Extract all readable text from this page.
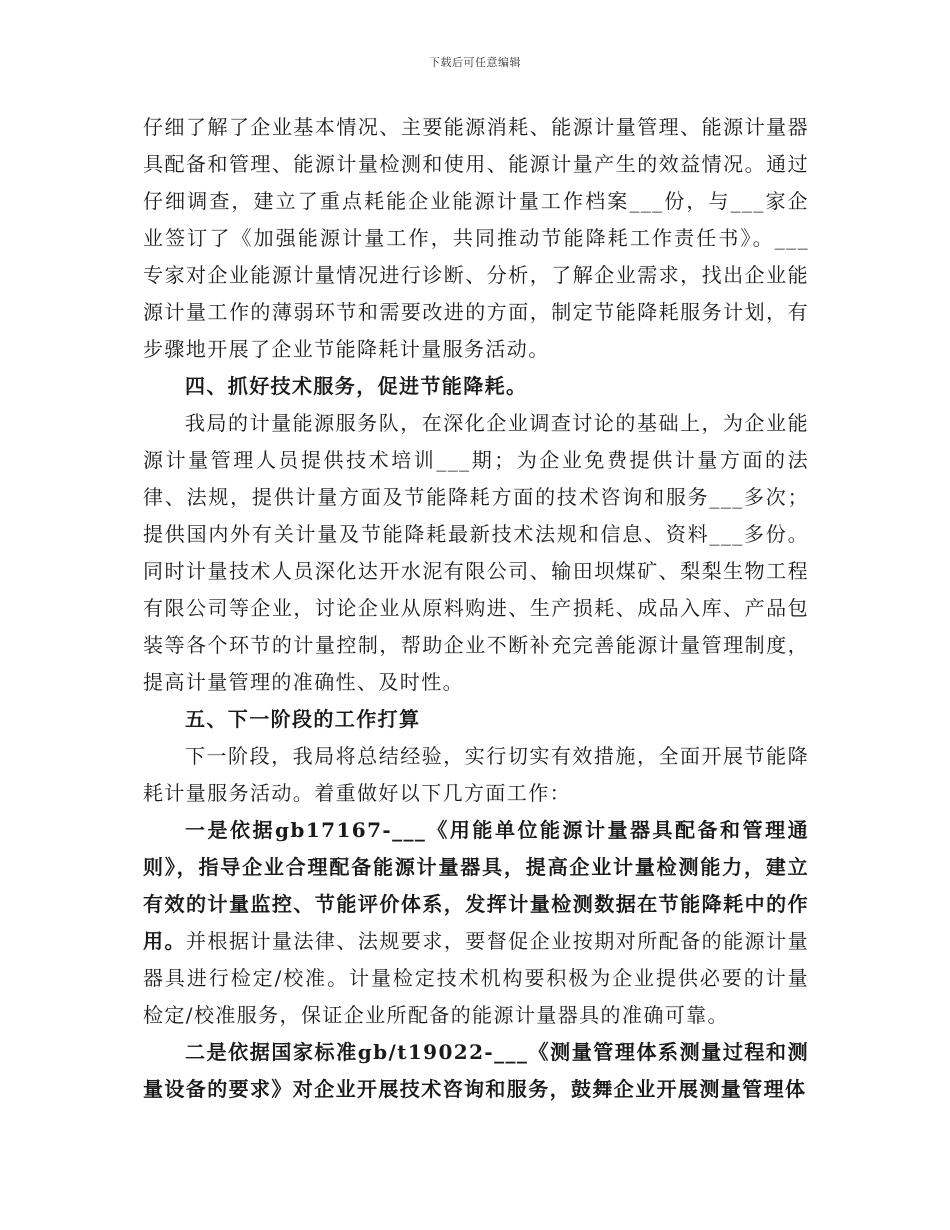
下载后可任意编辑

仔细了解了企业基本情况、主要能源消耗、能源计量管理、能源计量器具配备和管理、能源计量检测和使用、能源计量产生的效益情况。通过仔细调查，建立了重点耗能企业能源计量工作档案___份，与___家企业签订了《加强能源计量工作，共同推动节能降耗工作责任书》。___专家对企业能源计量情况进行诊断、分析，了解企业需求，找出企业能源计量工作的薄弱环节和需要改进的方面，制定节能降耗服务计划，有步骤地开展了企业节能降耗计量服务活动。

四、抓好技术服务，促进节能降耗。

我局的计量能源服务队，在深化企业调查讨论的基础上，为企业能源计量管理人员提供技术培训___期；为企业免费提供计量方面的法律、法规，提供计量方面及节能降耗方面的技术咨询和服务___多次；提供国内外有关计量及节能降耗最新技术法规和信息、资料___多份。同时计量技术人员深化达开水泥有限公司、输田坝煤矿、梨梨生物工程有限公司等企业，讨论企业从原料购进、生产损耗、成品入库、产品包装等各个环节的计量控制，帮助企业不断补充完善能源计量管理制度，提高计量管理的准确性、及时性。

五、下一阶段的工作打算

下一阶段，我局将总结经验，实行切实有效措施，全面开展节能降耗计量服务活动。着重做好以下几方面工作：

一是依据gb17167-___《用能单位能源计量器具配备和管理通则》，指导企业合理配备能源计量器具，提高企业计量检测能力，建立有效的计量监控、节能评价体系，发挥计量检测数据在节能降耗中的作用。并根据计量法律、法规要求，要督促企业按期对所配备的能源计量器具进行检定/校准。计量检定技术机构要积极为企业提供必要的计量检定/校准服务，保证企业所配备的能源计量器具的准确可靠。

二是依据国家标准gb/t19022-___《测量管理体系测量过程和测量设备的要求》对企业开展技术咨询和服务，鼓舞企业开展测量管理体
